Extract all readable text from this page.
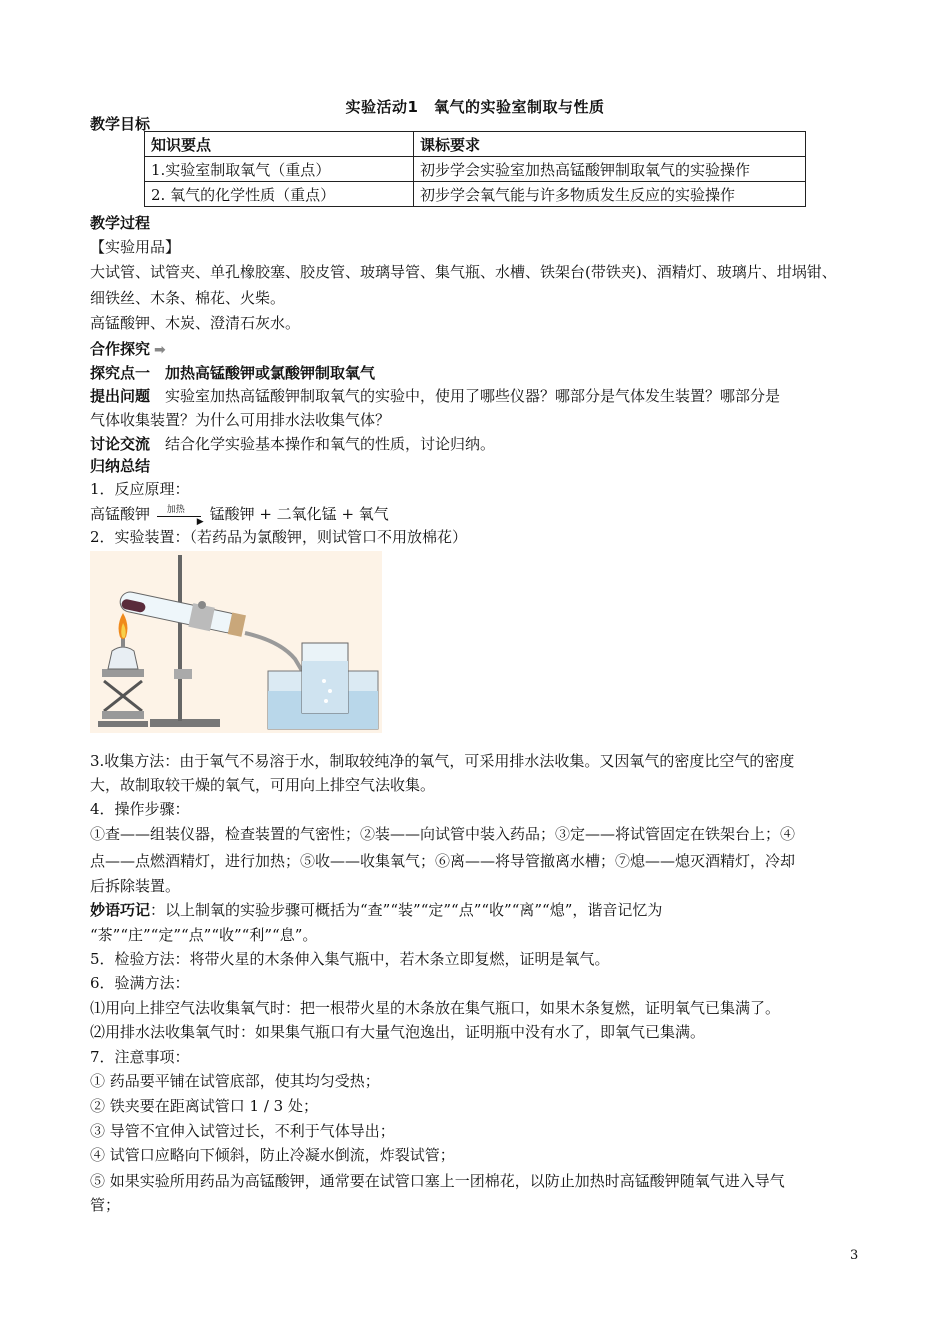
实验活动1　氧气的实验室制取与性质
教学目标
知识要点	课标要求
1.实验室制取氧气（重点）	初步学会实验室加热高锰酸钾制取氧气的实验操作
2. 氧气的化学性质（重点）	初步学会氧气能与许多物质发生反应的实验操作
教学过程
【实验用品】
大试管、试管夹、单孔橡胶塞、胶皮管、玻璃导管、集气瓶、水槽、铁架台(带铁夹)、酒精灯、玻璃片、坩埚钳、
细铁丝、木条、棉花、火柴。
高锰酸钾、木炭、澄清石灰水。
合作探究 ➡
探究点一　加热高锰酸钾或氯酸钾制取氧气
提出问题　实验室加热高锰酸钾制取氧气的实验中，使用了哪些仪器？哪部分是气体发生装置？哪部分是
气体收集装置？为什么可用排水法收集气体？
讨论交流　结合化学实验基本操作和氧气的性质，讨论归纳。
归纳总结
1．反应原理：
高锰酸钾 加热
▶ 锰酸钾 + 二氧化锰 + 氧气
2．实验装置：（若药品为氯酸钾，则试管口不用放棉花）
3.收集方法：由于氧气不易溶于水，制取较纯净的氧气，可采用排水法收集。又因氧气的密度比空气的密度
大，故制取较干燥的氧气，可用向上排空气法收集。
4．操作步骤：
①查——组装仪器，检查装置的气密性；②装——向试管中装入药品；③定——将试管固定在铁架台上；④
点——点燃酒精灯，进行加热；⑤收——收集氧气；⑥离——将导管撤离水槽；⑦熄——熄灭酒精灯，冷却
后拆除装置。
妙语巧记：以上制氧的实验步骤可概括为“查”“装”“定”“点”“收”“离”“熄”，谐音记忆为
“茶”“庄”“定”“点”“收”“利”“息”。
5．检验方法：将带火星的木条伸入集气瓶中，若木条立即复燃，证明是氧气。
6．验满方法：
⑴用向上排空气法收集氧气时：把一根带火星的木条放在集气瓶口，如果木条复燃，证明氧气已集满了。
⑵用排水法收集氧气时：如果集气瓶口有大量气泡逸出，证明瓶中没有水了，即氧气已集满。
7．注意事项：
① 药品要平铺在试管底部，使其均匀受热；
② 铁夹要在距离试管口 1 / 3 处；
③ 导管不宜伸入试管过长，不利于气体导出；
④ 试管口应略向下倾斜，防止冷凝水倒流，炸裂试管；
⑤ 如果实验所用药品为高锰酸钾，通常要在试管口塞上一团棉花，以防止加热时高锰酸钾随氧气进入导气
管；
3
